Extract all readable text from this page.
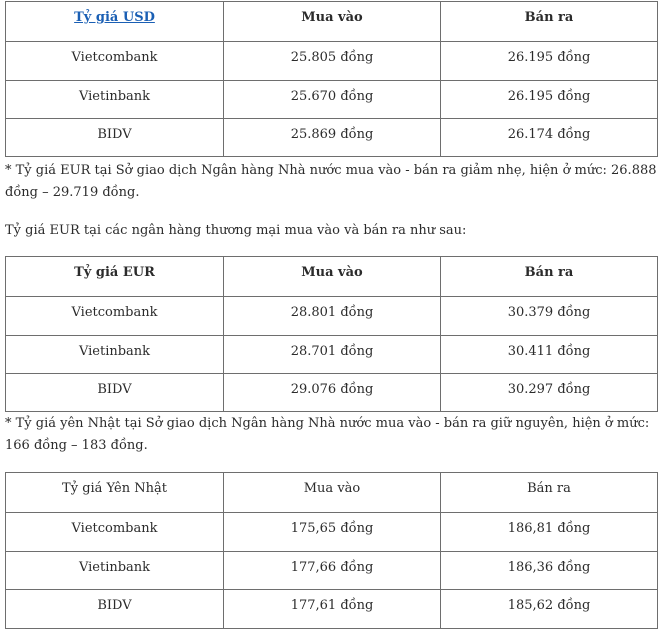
Tỷ giá USD	Mua vào	Bán ra
Vietcombank	25.805 đồng	26.195 đồng
Vietinbank	25.670 đồng	26.195 đồng
BIDV	25.869 đồng	26.174 đồng

* Tỷ giá EUR tại Sở giao dịch Ngân hàng Nhà nước mua vào - bán ra giảm nhẹ, hiện ở mức: 26.888 đồng – 29.719 đồng.

Tỷ giá EUR tại các ngân hàng thương mại mua vào và bán ra như sau:

Tỷ giá EUR	Mua vào	Bán ra
Vietcombank	28.801 đồng	30.379 đồng
Vietinbank	28.701 đồng	30.411 đồng
BIDV	29.076 đồng	30.297 đồng

* Tỷ giá yên Nhật tại Sở giao dịch Ngân hàng Nhà nước mua vào - bán ra giữ nguyên, hiện ở mức: 166 đồng – 183 đồng.

Tỷ giá Yên Nhật	Mua vào	Bán ra
Vietcombank	175,65 đồng	186,81 đồng
Vietinbank	177,66 đồng	186,36 đồng
BIDV	177,61 đồng	185,62 đồng
